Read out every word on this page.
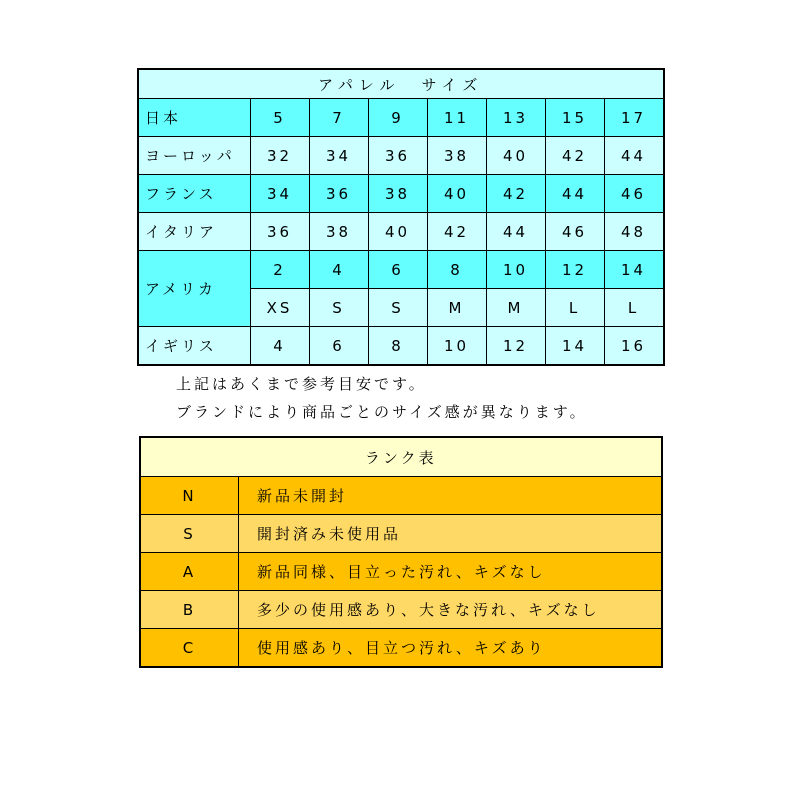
アパレル　サイズ							
日本	5	7	9	11	13	15	17
ヨーロッパ	32	34	36	38	40	42	44
フランス	34	36	38	40	42	44	46
イタリア	36	38	40	42	44	46	48
アメリカ	2	4	6	8	10	12	14
	XS	S	S	M	M	L	L
イギリス	4	6	8	10	12	14	16
上記はあくまで参考目安です。
ブランドにより商品ごとのサイズ感が異なります。
ランク表	
N	新品未開封
S	開封済み未使用品
A	新品同様、目立った汚れ、キズなし
B	多少の使用感あり、大きな汚れ、キズなし
C	使用感あり、目立つ汚れ、キズあり
